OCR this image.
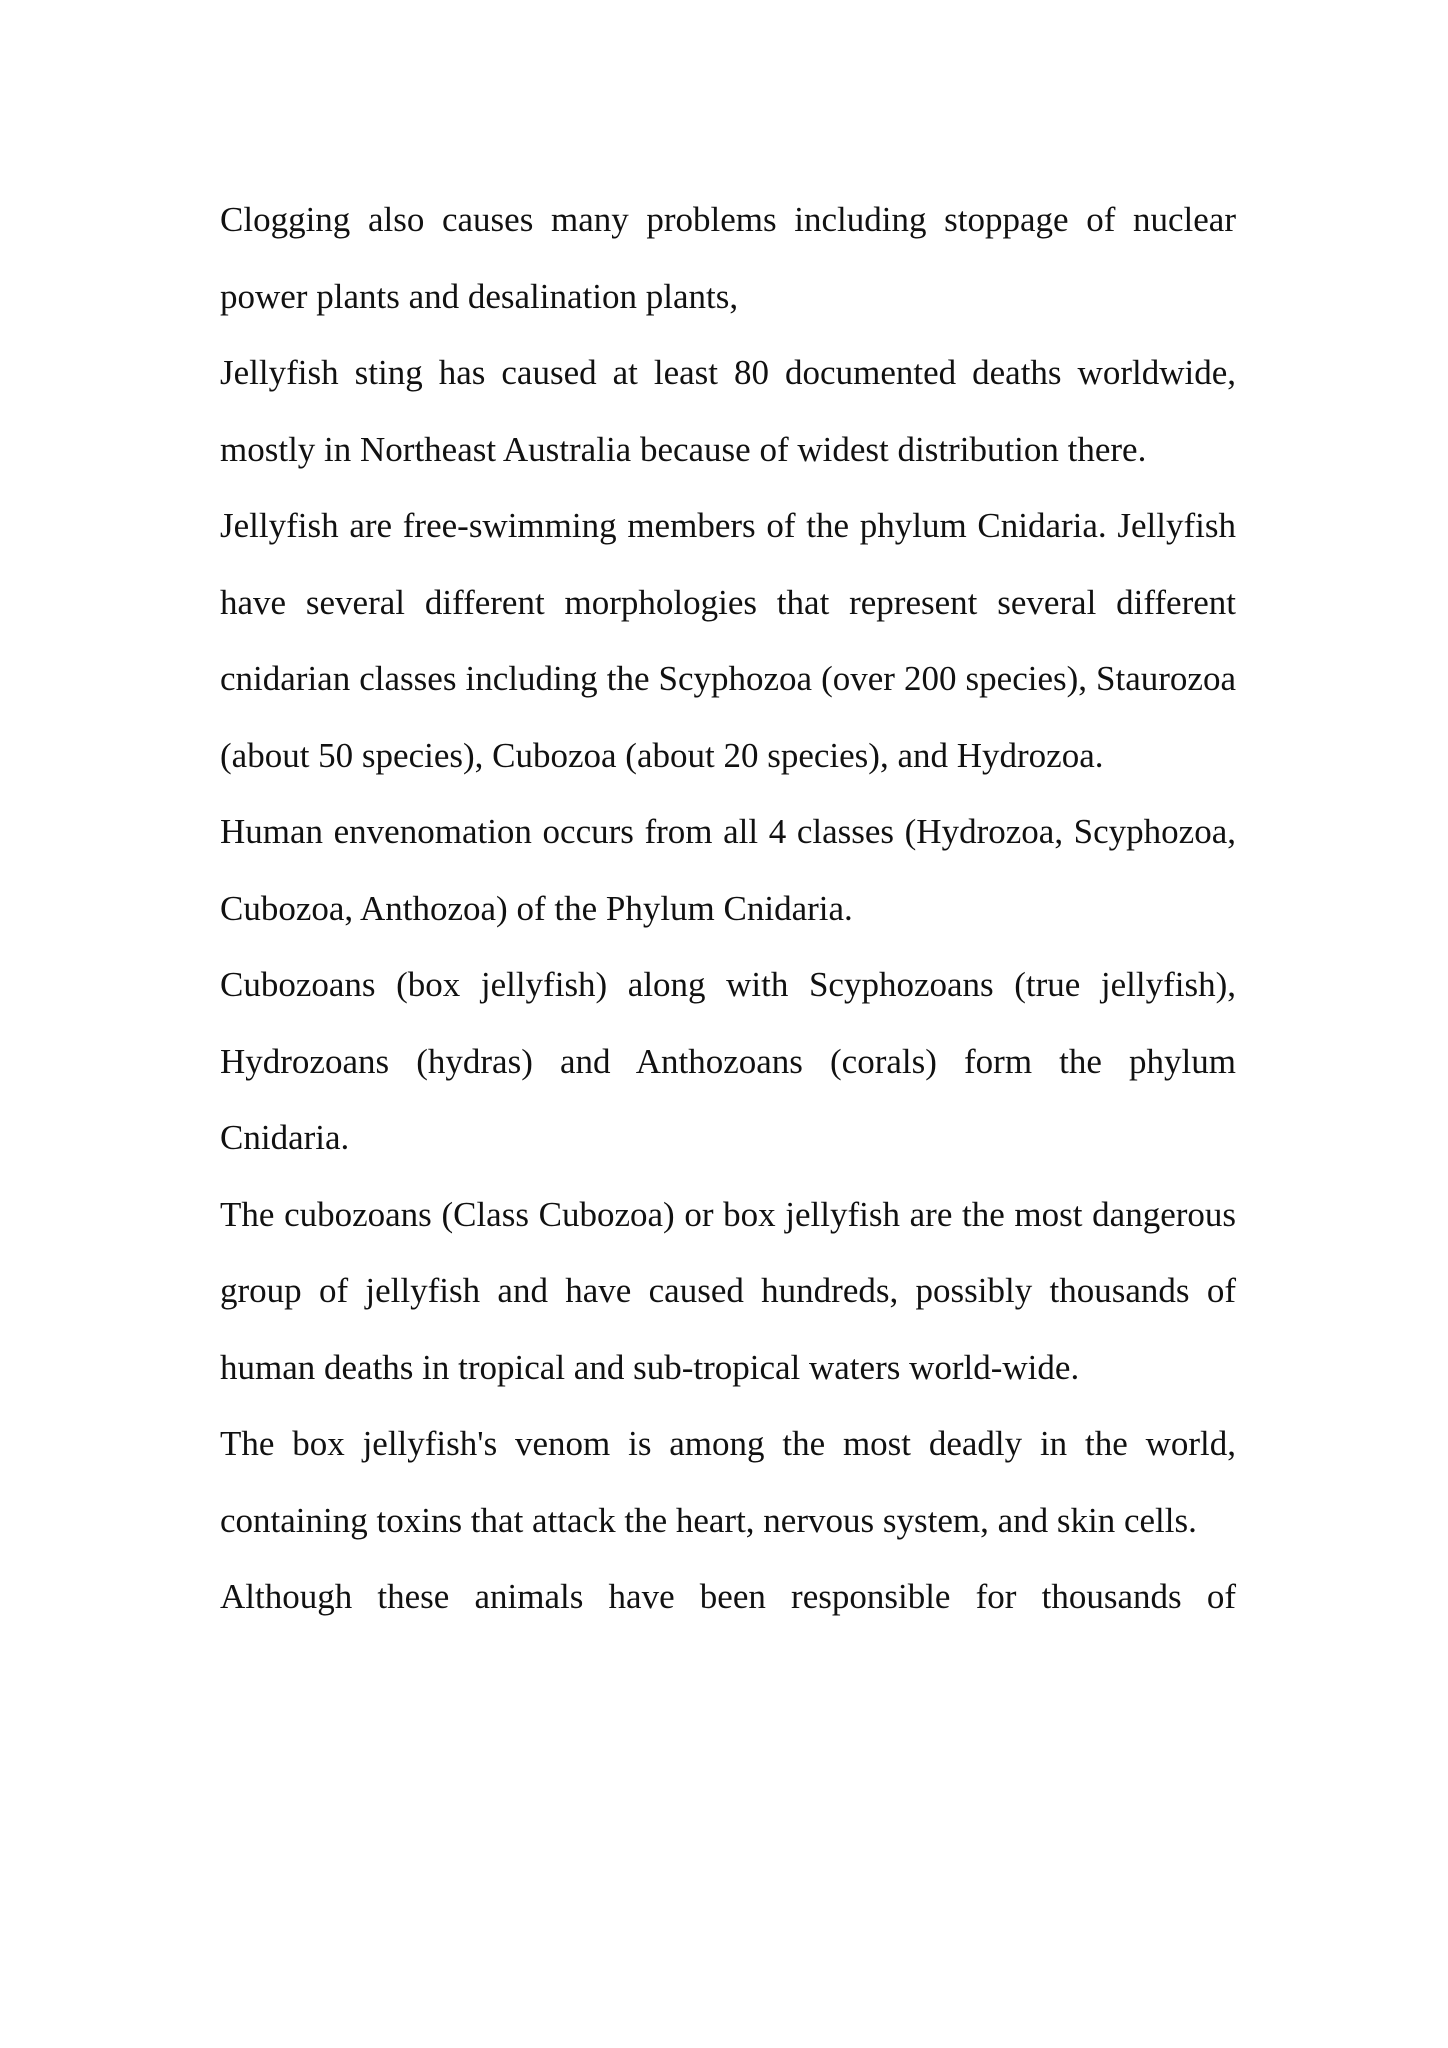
Clogging also causes many problems including stoppage of nuclear power plants and desalination plants,

Jellyfish sting has caused at least 80 documented deaths worldwide, mostly in Northeast Australia because of widest distribution there.

Jellyfish are free-swimming members of the phylum Cnidaria. Jellyfish have several different morphologies that represent several different cnidarian classes including the Scyphozoa (over 200 species), Staurozoa (about 50 species), Cubozoa (about 20 species), and Hydrozoa.

Human envenomation occurs from all 4 classes (Hydrozoa, Scyphozoa, Cubozoa, Anthozoa) of the Phylum Cnidaria.

Cubozoans (box jellyfish) along with Scyphozoans (true jellyfish), Hydrozoans (hydras) and Anthozoans (corals) form the phylum Cnidaria.

The cubozoans (Class Cubozoa) or box jellyfish are the most dangerous group of jellyfish and have caused hundreds, possibly thousands of human deaths in tropical and sub-tropical waters world-wide.

The box jellyfish's venom is among the most deadly in the world, containing toxins that attack the heart, nervous system, and skin cells.

Although these animals have been responsible for thousands of
